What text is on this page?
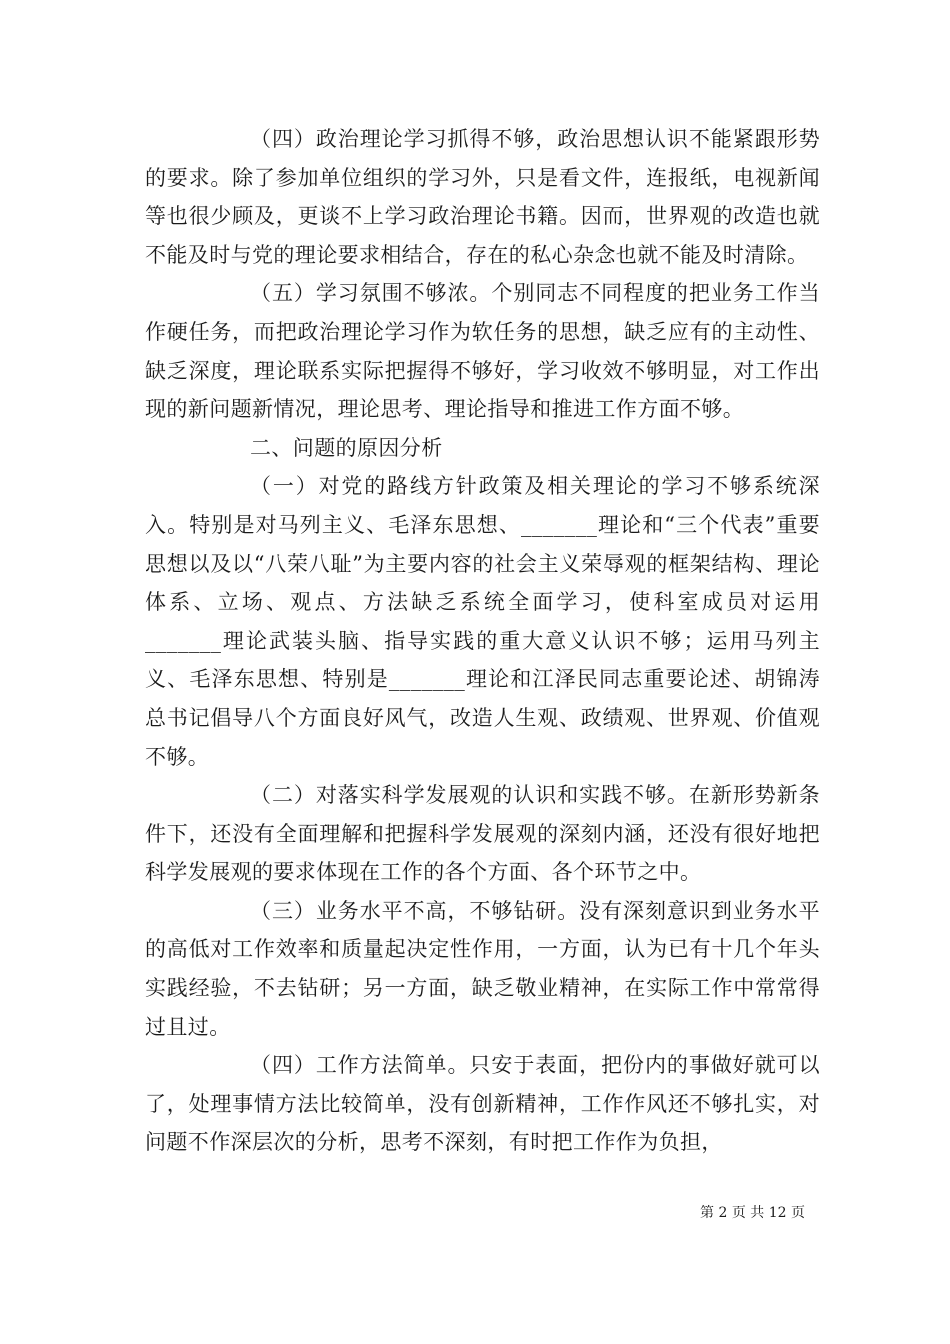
（四）政治理论学习抓得不够，政治思想认识不能紧跟形势的要求。除了参加单位组织的学习外，只是看文件，连报纸，电视新闻等也很少顾及，更谈不上学习政治理论书籍。因而，世界观的改造也就不能及时与党的理论要求相结合，存在的私心杂念也就不能及时清除。

（五）学习氛围不够浓。个别同志不同程度的把业务工作当作硬任务，而把政治理论学习作为软任务的思想，缺乏应有的主动性、缺乏深度，理论联系实际把握得不够好，学习收效不够明显，对工作出现的新问题新情况，理论思考、理论指导和推进工作方面不够。

二、问题的原因分析

（一）对党的路线方针政策及相关理论的学习不够系统深入。特别是对马列主义、毛泽东思想、_______理论和“三个代表”重要思想以及以“八荣八耻”为主要内容的社会主义荣辱观的框架结构、理论体系、立场、观点、方法缺乏系统全面学习，使科室成员对运用_______理论武装头脑、指导实践的重大意义认识不够；运用马列主义、毛泽东思想、特别是_______理论和江泽民同志重要论述、胡锦涛总书记倡导八个方面良好风气，改造人生观、政绩观、世界观、价值观不够。

（二）对落实科学发展观的认识和实践不够。在新形势新条件下，还没有全面理解和把握科学发展观的深刻内涵，还没有很好地把科学发展观的要求体现在工作的各个方面、各个环节之中。

（三）业务水平不高，不够钻研。没有深刻意识到业务水平的高低对工作效率和质量起决定性作用，一方面，认为已有十几个年头实践经验，不去钻研；另一方面，缺乏敬业精神，在实际工作中常常得过且过。

（四）工作方法简单。只安于表面，把份内的事做好就可以了，处理事情方法比较简单，没有创新精神，工作作风还不够扎实，对问题不作深层次的分析，思考不深刻，有时把工作作为负担，

第 2 页 共 12 页
